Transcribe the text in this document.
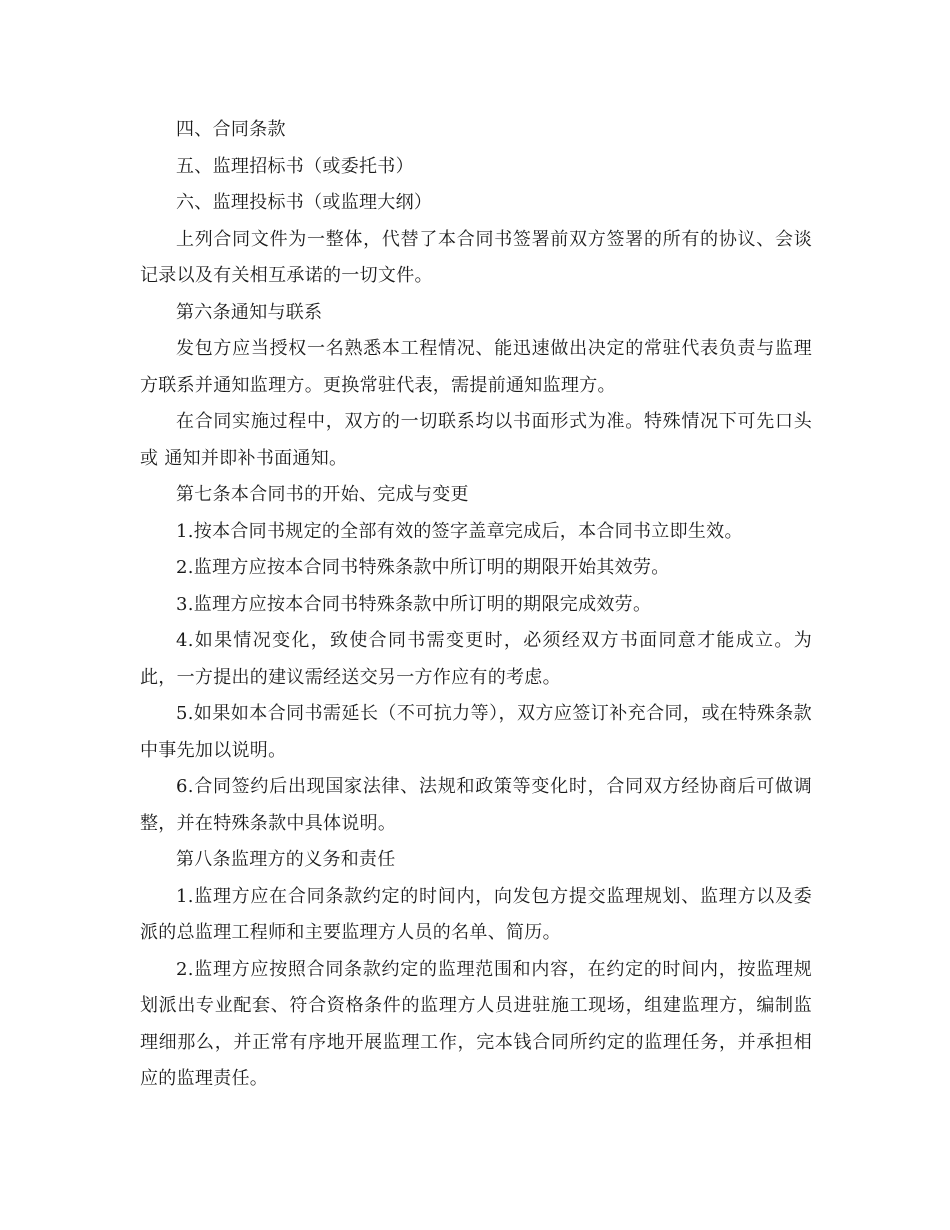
四、合同条款

五、监理招标书（或委托书）

六、监理投标书（或监理大纲）

上列合同文件为一整体，代替了本合同书签署前双方签署的所有的协议、会谈记录以及有关相互承诺的一切文件。

第六条通知与联系

发包方应当授权一名熟悉本工程情况、能迅速做出决定的常驻代表负责与监理方联系并通知监理方。更换常驻代表，需提前通知监理方。

在合同实施过程中，双方的一切联系均以书面形式为准。特殊情况下可先口头或 通知并即补书面通知。

第七条本合同书的开始、完成与变更

1.按本合同书规定的全部有效的签字盖章完成后，本合同书立即生效。

2.监理方应按本合同书特殊条款中所订明的期限开始其效劳。

3.监理方应按本合同书特殊条款中所订明的期限完成效劳。

4.如果情况变化，致使合同书需变更时，必须经双方书面同意才能成立。为此，一方提出的建议需经送交另一方作应有的考虑。

5.如果如本合同书需延长（不可抗力等），双方应签订补充合同，或在特殊条款中事先加以说明。

6.合同签约后出现国家法律、法规和政策等变化时，合同双方经协商后可做调整，并在特殊条款中具体说明。

第八条监理方的义务和责任

1.监理方应在合同条款约定的时间内，向发包方提交监理规划、监理方以及委派的总监理工程师和主要监理方人员的名单、简历。

2.监理方应按照合同条款约定的监理范围和内容，在约定的时间内，按监理规划派出专业配套、符合资格条件的监理方人员进驻施工现场，组建监理方，编制监理细那么，并正常有序地开展监理工作，完本钱合同所约定的监理任务，并承担相应的监理责任。
